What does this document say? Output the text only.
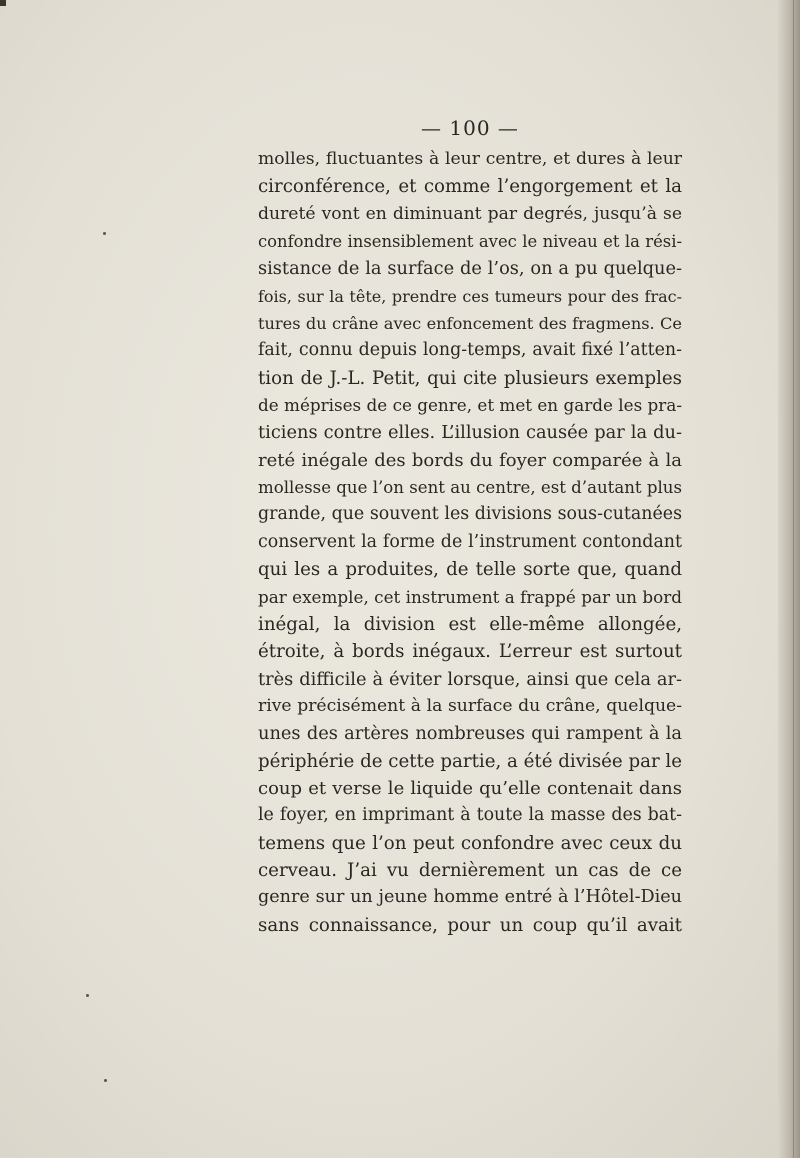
— 100 —
molles, fluctuantes à leur centre, et dures à leur
circonférence, et comme l’engorgement et la
dureté vont en diminuant par degrés, jusqu’à se
confondre insensiblement avec le niveau et la rési-
sistance de la surface de l’os, on a pu quelque-
fois, sur la tête, prendre ces tumeurs pour des frac-
tures du crâne avec enfoncement des fragmens. Ce
fait, connu depuis long-temps, avait fixé l’atten-
tion de J.-L. Petit, qui cite plusieurs exemples
de méprises de ce genre, et met en garde les pra-
ticiens contre elles. L’illusion causée par la du-
reté inégale des bords du foyer comparée à la
mollesse que l’on sent au centre, est d’autant plus
grande, que souvent les divisions sous-cutanées
conservent la forme de l’instrument contondant
qui les a produites, de telle sorte que, quand
par exemple, cet instrument a frappé par un bord
inégal, la division est elle-même allongée,
étroite, à bords inégaux. L’erreur est surtout
très difficile à éviter lorsque, ainsi que cela ar-
rive précisément à la surface du crâne, quelque-
unes des artères nombreuses qui rampent à la
périphérie de cette partie, a été divisée par le
coup et verse le liquide qu’elle contenait dans
le foyer, en imprimant à toute la masse des bat-
temens que l’on peut confondre avec ceux du
cerveau. J’ai vu dernièrement un cas de ce
genre sur un jeune homme entré à l’Hôtel-Dieu
sans connaissance, pour un coup qu’il avait
